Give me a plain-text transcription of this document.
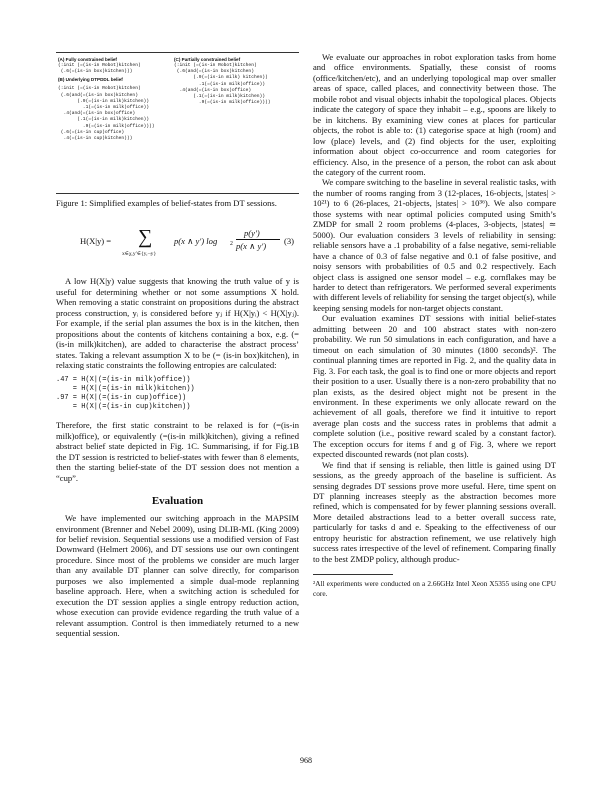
(A) Fully constrained belief
(:init (=(is-in Robot)kitchen)
(.6(=(is-in box)kitchen)))
(B) Underlying DTPDDL belief
(:init (=(is-in Robot)kitchen)
(.6(and(=(is-in box)kitchen)
(.9(=(is-in milk)kitchen))
.1(=(is-in milk)office))
.4(and(=(is-in box)office)
(.1(=(is-in milk)kitchen))
.9(=(is-in milk)office))))
(.6(=(is-in cup)office)
.4(=(is-in cup)kitchen)))
(C) Partially constrained belief
(:init (=(is-in Robot)kitchen)
(.6(and(=(is-in box)kitchen)
(.9(=(is-in milk) kitchen))
.1(=(is-in milk)office))
.4(and(=(is-in box)office)
(.1(=(is-in milk)kitchen))
.9(=(is-in milk)office))))
Figure 1: Simplified examples of belief-states from DT sessions.
H(X|y) = ∑
x∈χ,y′∈{y,¬y}
p(x ∧ y′) log 2
p(y′)
p(x ∧ y′) (3)

A low H(X|y) value suggests that knowing the truth value of y is useful for determining whether or not some assumptions X hold. When removing a static constraint on propositions during the abstract process construction, yᵢ is considered before yⱼ if H(X|yᵢ) < H(X|yⱼ). For example, if the serial plan assumes the box is in the kitchen, then propositions about the contents of kitchens containing a box, e.g. (= (is-in milk)kitchen), are added to characterise the abstract process’ states. Taking a relevant assumption X to be (= (is-in box)kitchen), in relaxing static constraints the following entropies are calculated:

.47 = H(X|(=(is-in milk)office))
= H(X|(=(is-in milk)kitchen))
.97 = H(X|(=(is-in cup)office))
= H(X|(=(is-in cup)kitchen))

Therefore, the first static constraint to be relaxed is for (=(is-in milk)office), or equivalently (=(is-in milk)kitchen), giving a refined abstract belief state depicted in Fig. 1C. Summarising, if for Fig.1B the DT session is restricted to belief-states with fewer than 8 elements, then the starting belief-state of the DT session does not mention a “cup”.

Evaluation

We have implemented our switching approach in the MAPSIM environment (Brenner and Nebel 2009), using DLIB-ML (King 2009) for belief revision. Sequential sessions use a modified version of Fast Downward (Helmert 2006), and DT sessions use our own contingent procedure. Since most of the problems we consider are much larger than any available DT planner can solve directly, for comparison purposes we also implemented a simple dual-mode replanning baseline approach. Here, when a switching action is scheduled for execution the DT session applies a single entropy reduction action, whose execution can provide evidence regarding the truth value of a relevant assumption. Control is then immediately returned to a new sequential session.

We evaluate our approaches in robot exploration tasks from home and office environments. Spatially, these consist of rooms (office/kitchen/etc), and an underlying topological map over smaller areas of space, called places, and connectivity between those. The mobile robot and visual objects inhabit the topological places. Objects indicate the category of space they inhabit – e.g., spoons are likely to be in kitchens. By examining view cones at places for particular objects, the robot is able to: (1) categorise space at high (room) and low (place) levels, and (2) find objects for the user, exploiting information about object co-occurrence and room categories for efficiency. Also, in the presence of a person, the robot can ask about the category of the current room.

We compare switching to the baseline in several realistic tasks, with the number of rooms ranging from 3 (12-places, 16-objects, |states| > 10²¹) to 6 (26-places, 21-objects, |states| > 10³⁶). We also compare those systems with near optimal policies computed using Smith’s ZMDP for small 2 room problems (4-places, 3-objects, |states| ≃ 5000). Our evaluation considers 3 levels of reliability in sensing: reliable sensors have a .1 probability of a false negative, semi-reliable have a chance of 0.3 of false negative and 0.1 of false positive, and noisy sensors with probabilities of 0.5 and 0.2 respectively. Each object class is assigned one sensor model – e.g. cornflakes may be harder to detect than refrigerators. We performed several experiments with different levels of reliability for sensing the target object(s), while keeping sensing models for non-target objects constant.

Our evaluation examines DT sessions with initial belief-states admitting between 20 and 100 abstract states with non-zero probability. We run 50 simulations in each configuration, and have a timeout on each simulation of 30 minutes (1800 seconds)². The continual planning times are reported in Fig. 2, and the quality data in Fig. 3. For each task, the goal is to find one or more objects and report their position to a user. Usually there is a non-zero probability that no plan exists, as the desired object might not be present in the environment. In these experiments we only allocate reward on the achievement of all goals, therefore we find it intuitive to report average plan costs and the success rates in problems that admit a complete solution (i.e., positive reward scaled by a constant factor). The exception occurs for items f and g of Fig. 3, where we report expected discounted rewards (not plan costs).

We find that if sensing is reliable, then little is gained using DT sessions, as the greedy approach of the baseline is sufficient. As sensing degrades DT sessions prove more useful. Here, time spent on DT planning increases steeply as the abstraction becomes more refined, which is compensated for by fewer planning sessions overall. More detailed abstractions lead to a better overall success rate, particularly for tasks d and e. Speaking to the effectiveness of our entropy heuristic for abstraction refinement, we use relatively high success rates irrespective of the level of refinement. Comparing finally to the best ZMDP policy, although produc-

²All experiments were conducted on a 2.66GHz Intel Xeon X5355 using one CPU core.
968
